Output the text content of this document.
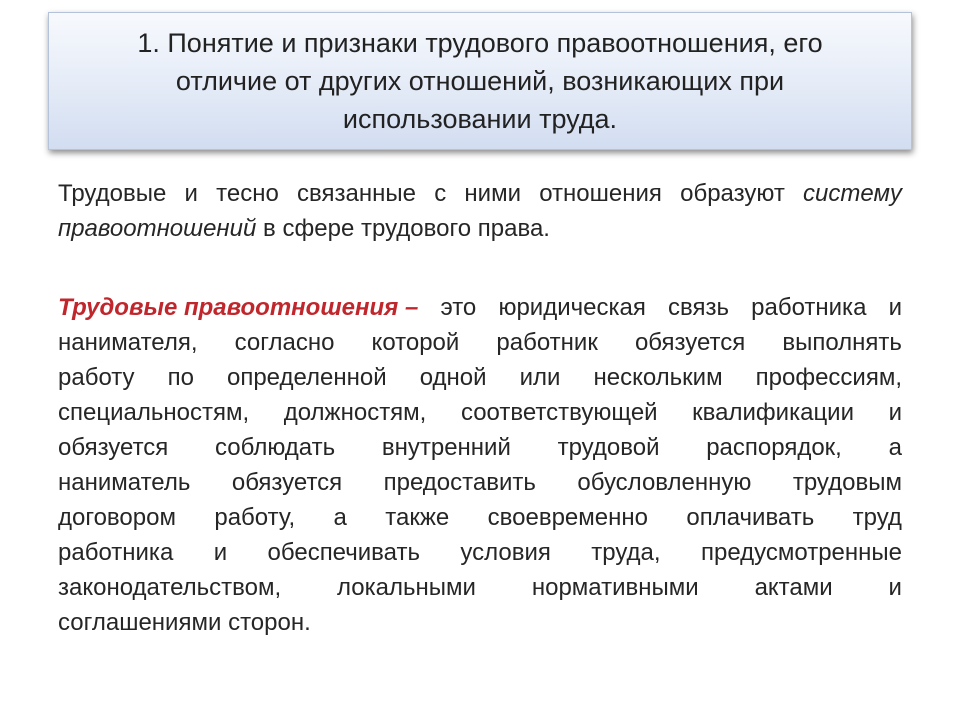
1. Понятие и признаки трудового правоотношения, его
отличие от других отношений, возникающих при
использовании труда.
Трудовые и тесно связанные с ними отношения образуют системy
правоотношений в сфере трудового права.
Трудовые правоотношения – это юридическая связь работника и
нанимателя, согласно которой работник обязуется выполнять
работу по определенной одной или нескольким профессиям,
специальностям, должностям, соответствующей квалификации и
обязуется соблюдать внутренний трудовой распорядок, а
наниматель обязуется предоставить обусловленную трудовым
договором работу, а также своевременно оплачивать труд
работника и обеспечивать условия труда, предусмотренные
законодательством, локальными нормативными актами и
соглашениями сторон.
